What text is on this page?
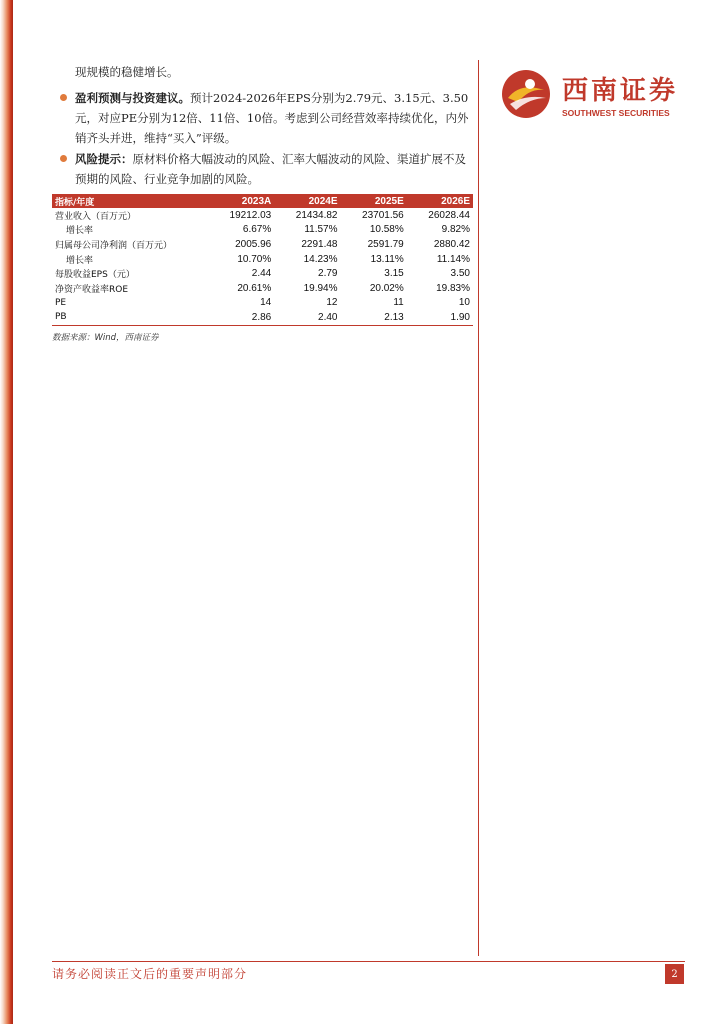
西南证券
SOUTHWEST SECURITIES
现规模的稳健增长。
盈利预测与投资建议。预计2024-2026年EPS分别为2.79元、3.15元、3.50元，对应PE分别为12倍、11倍、10倍。考虑到公司经营效率持续优化，内外销齐头并进，维持“买入”评级。
风险提示：原材料价格大幅波动的风险、汇率大幅波动的风险、渠道扩展不及预期的风险、行业竞争加剧的风险。
指标/年度	2023A	2024E	2025E	2026E
营业收入（百万元）	19212.03	21434.82	23701.56	26028.44
增长率	6.67%	11.57%	10.58%	9.82%
归属母公司净利润（百万元）	2005.96	2291.48	2591.79	2880.42
增长率	10.70%	14.23%	13.11%	11.14%
每股收益EPS（元）	2.44	2.79	3.15	3.50
净资产收益率ROE	20.61%	19.94%	20.02%	19.83%
PE	14	12	11	10
PB	2.86	2.40	2.13	1.90
数据来源：Wind，西南证券
请务必阅读正文后的重要声明部分	2
